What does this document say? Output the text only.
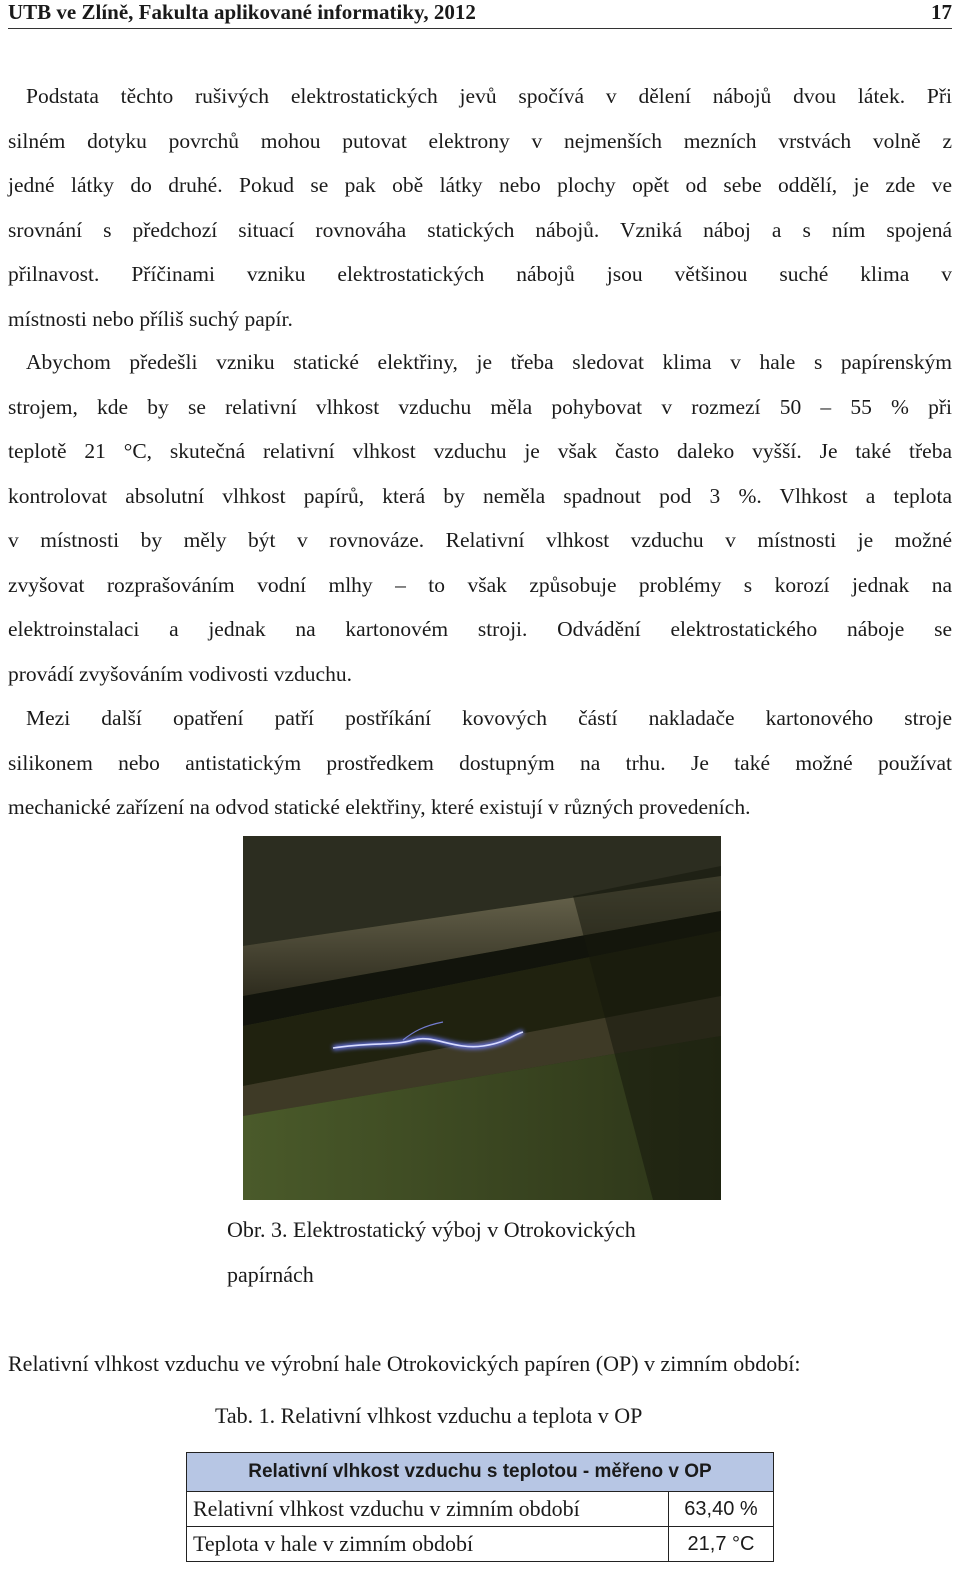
UTB ve Zlíně, Fakulta aplikované informatiky, 2012	17
Podstata těchto rušivých elektrostatických jevů spočívá v dělení nábojů dvou látek. Při
silném dotyku povrchů mohou putovat elektrony v nejmenších mezních vrstvách volně z
jedné látky do druhé. Pokud se pak obě látky nebo plochy opět od sebe oddělí, je zde ve
srovnání s předchozí situací rovnováha statických nábojů. Vzniká náboj a s ním spojená
přilnavost. Příčinami vzniku elektrostatických nábojů jsou většinou suché klima v
místnosti nebo příliš suchý papír.
Abychom předešli vzniku statické elektřiny, je třeba sledovat klima v hale s papírenským
strojem, kde by se relativní vlhkost vzduchu měla pohybovat v rozmezí 50 – 55 % při
teplotě 21 °C, skutečná relativní vlhkost vzduchu je však často daleko vyšší. Je také třeba
kontrolovat absolutní vlhkost papírů, která by neměla spadnout pod 3 %. Vlhkost a teplota
v místnosti by měly být v rovnováze. Relativní vlhkost vzduchu v místnosti je možné
zvyšovat rozprašováním vodní mlhy – to však způsobuje problémy s korozí jednak na
elektroinstalaci a jednak na kartonovém stroji. Odvádění elektrostatického náboje se
provádí zvyšováním vodivosti vzduchu.
Mezi další opatření patří postříkání kovových částí nakladače kartonového stroje
silikonem nebo antistatickým prostředkem dostupným na trhu. Je také možné používat
mechanické zařízení na odvod statické elektřiny, které existují v různých provedeních.
Obr. 3. Elektrostatický výboj v Otrokovických
papírnách
Relativní vlhkost vzduchu ve výrobní hale Otrokovických papíren (OP) v zimním období:
Tab. 1. Relativní vlhkost vzduchu a teplota v OP
Relativní vlhkost vzduchu s teplotou - měřeno v OP	
Relativní vlhkost vzduchu v zimním období	63,40 %
Teplota v hale v zimním období	21,7 °C
